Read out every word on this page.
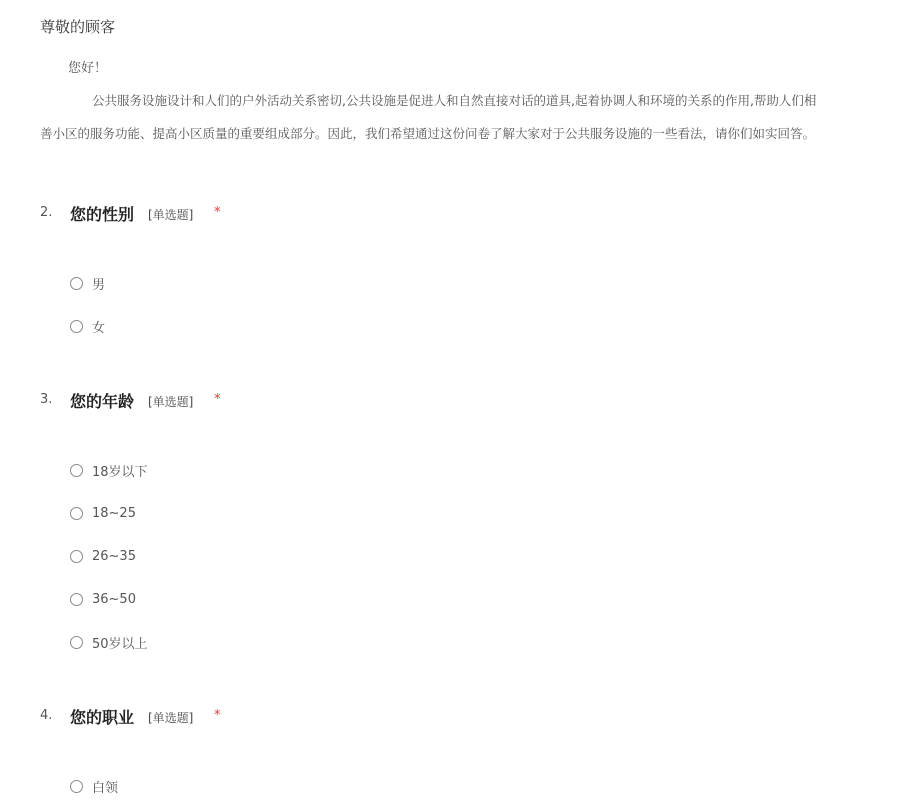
尊敬的顾客
您好！
公共服务设施设计和人们的户外活动关系密切,公共设施是促进人和自然直接对话的道具,起着协调人和环境的关系的作用,帮助人们相
善小区的服务功能、提高小区质量的重要组成部分。因此，我们希望通过这份问卷了解大家对于公共服务设施的一些看法，请你们如实回答。
2. 您的性别 [单选题] *
男
女
3. 您的年龄 [单选题] *
18岁以下
18~25
26~35
36~50
50岁以上
4. 您的职业 [单选题] *
白领
